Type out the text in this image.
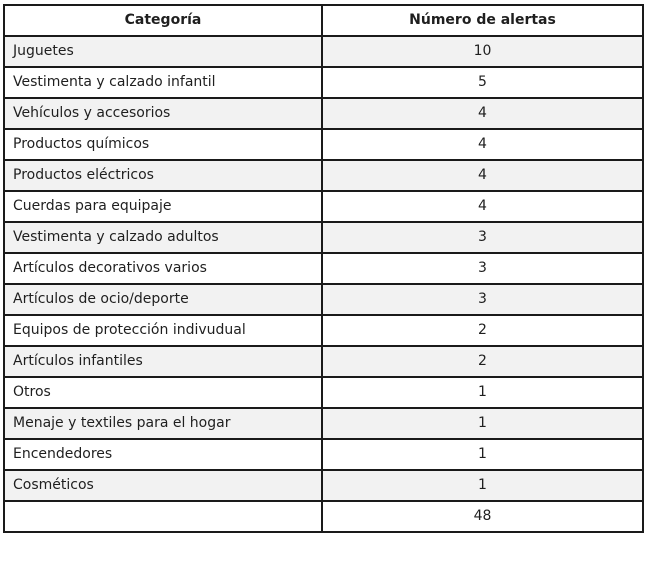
Categoría	Número de alertas
Juguetes	10
Vestimenta y calzado infantil	5
Vehículos y accesorios	4
Productos químicos	4
Productos eléctricos	4
Cuerdas para equipaje	4
Vestimenta y calzado adultos	3
Artículos decorativos varios	3
Artículos de ocio/deporte	3
Equipos de protección indivudual	2
Artículos infantiles	2
Otros	1
Menaje y textiles para el hogar	1
Encendedores	1
Cosméticos	1
	48
